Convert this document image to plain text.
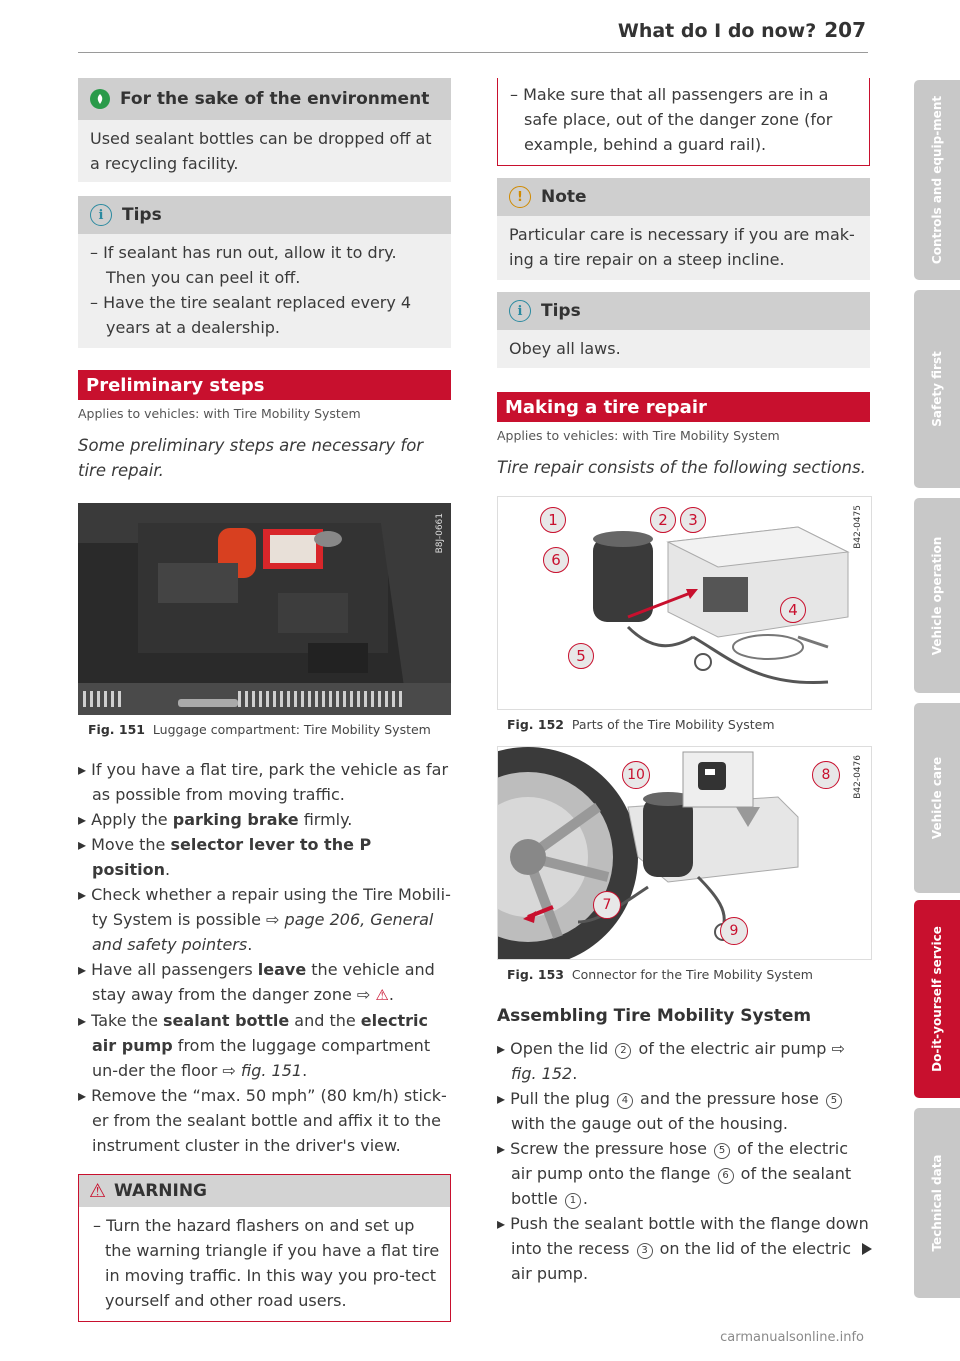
What do I do now? 207
For the sake of the environment
Used sealant bottles can be dropped off at a recycling facility.
i	Tips
– If sealant has run out, allow it to dry. Then you can peel it off.
– Have the tire sealant replaced every 4 years at a dealership.
Preliminary steps
Applies to vehicles: with Tire Mobility System
Some preliminary steps are necessary for tire repair.
B8J-0661
Fig. 151 Luggage compartment: Tire Mobility System
▸ If you have a flat tire, park the vehicle as far as possible from moving traffic.
▸ Apply the parking brake firmly.
▸ Move the selector lever to the P position.
▸ Check whether a repair using the Tire Mobili-ty System is possible ⇨ page 206, General and safety pointers.
▸ Have all passengers leave the vehicle and stay away from the danger zone ⇨ ⚠.
▸ Take the sealant bottle and the electric air pump from the luggage compartment un-der the floor ⇨ fig. 151.
▸ Remove the “max. 50 mph” (80 km/h) stick-er from the sealant bottle and affix it to the instrument cluster in the driver's view.
⚠ WARNING
– Turn the hazard flashers on and set up the warning triangle if you have a flat tire in moving traffic. In this way you pro-tect yourself and other road users.
– Make sure that all passengers are in a safe place, out of the danger zone (for example, behind a guard rail).
!	Note
Particular care is necessary if you are mak-ing a tire repair on a steep incline.
i	Tips
Obey all laws.
Making a tire repair
Applies to vehicles: with Tire Mobility System
Tire repair consists of the following sections.
B42-0475
1	2	3
6
4
5
Fig. 152 Parts of the Tire Mobility System
B42-0476
10	8
7
9
Fig. 153 Connector for the Tire Mobility System
Assembling Tire Mobility System
▸ Open the lid 2 of the electric air pump ⇨ fig. 152.
▸ Pull the plug 4 and the pressure hose 5 with the gauge out of the housing.
▸ Screw the pressure hose 5 of the electric air pump onto the flange 6 of the sealant bottle 1 .
▸ Push the sealant bottle with the flange down into the recess 3 on the lid of the electric air pump.
Controls and equip-ment
Safety first
Vehicle operation
Vehicle care
Do-it-yourself service
Technical data
carmanualsonline.info
